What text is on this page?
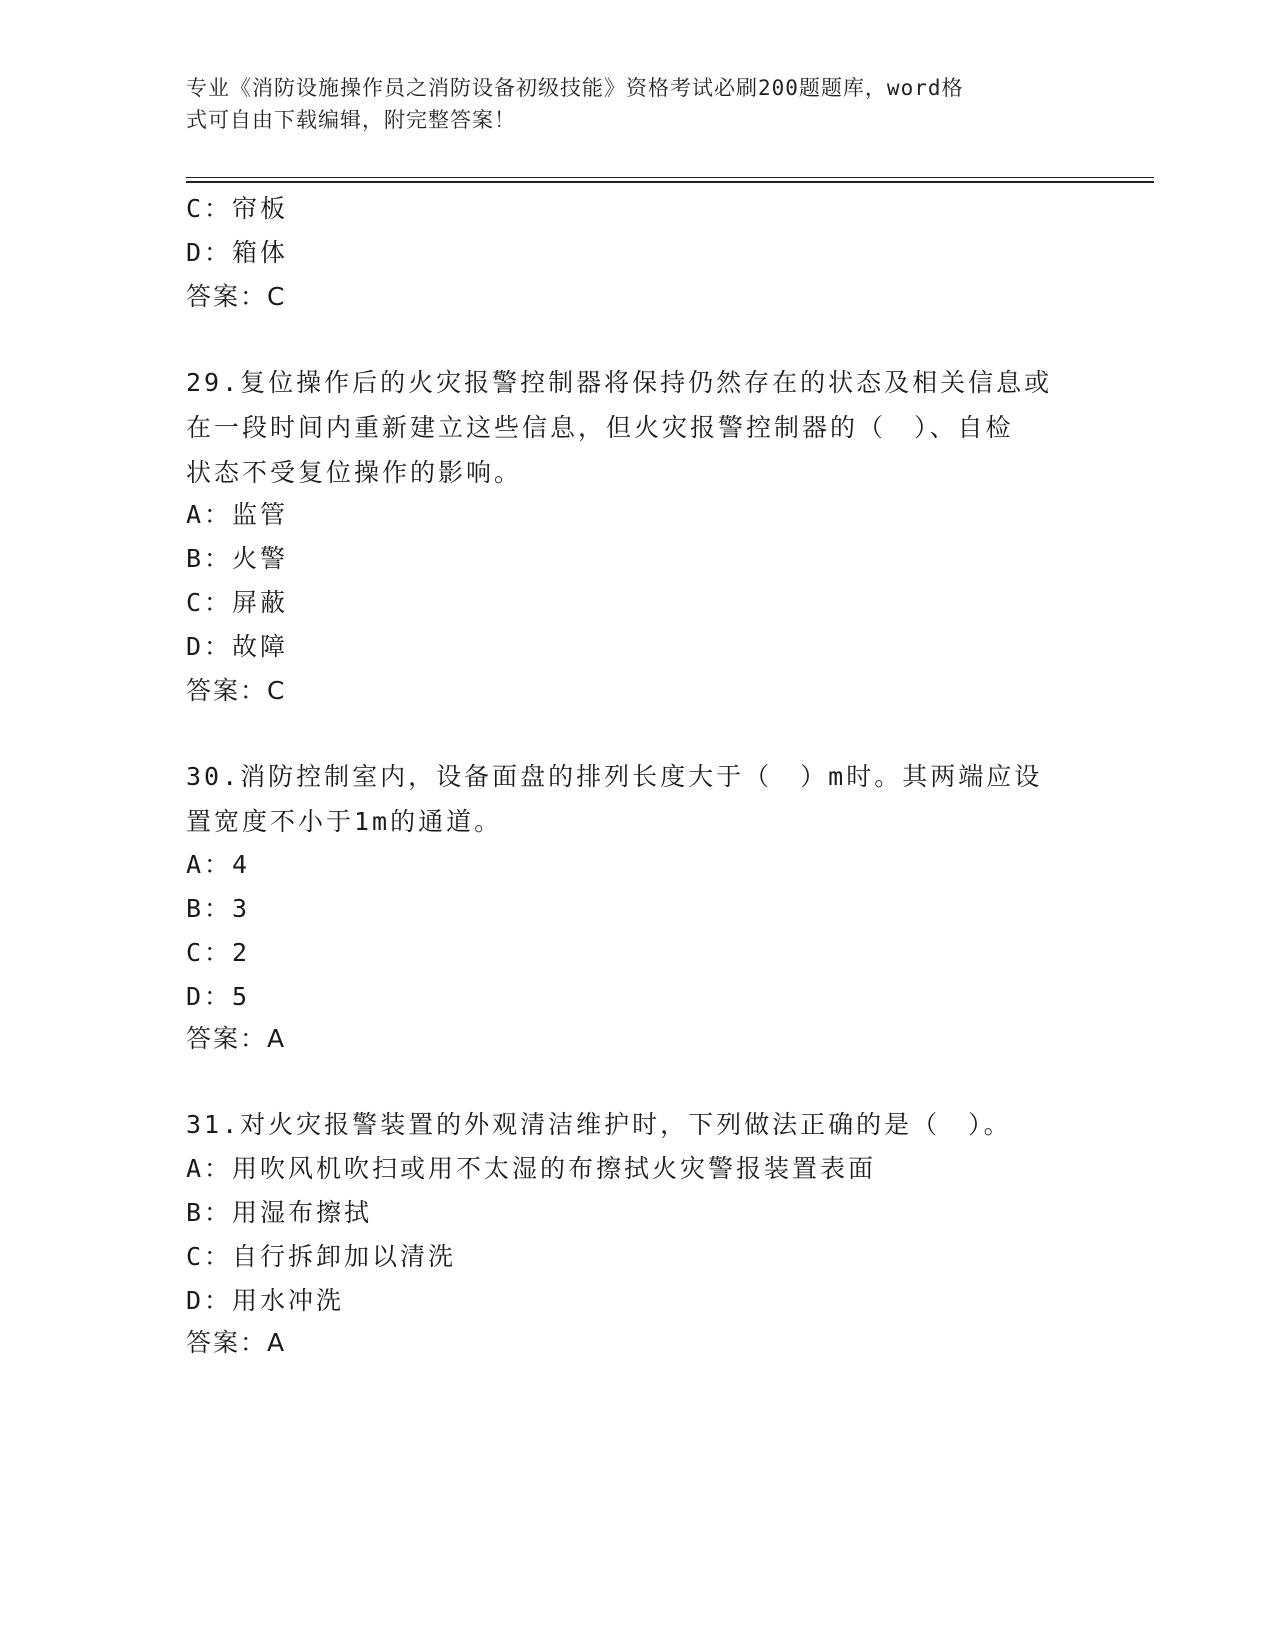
专业《消防设施操作员之消防设备初级技能》资格考试必刷200题题库，word格
式可自由下载编辑，附完整答案！
C：帘板
D：箱体
答案：C
29.复位操作后的火灾报警控制器将保持仍然存在的状态及相关信息或
在一段时间内重新建立这些信息，但火灾报警控制器的（　）、自检
状态不受复位操作的影响。
A：监管
B：火警
C：屏蔽
D：故障
答案：C
30.消防控制室内，设备面盘的排列长度大于（　）m时。其两端应设
置宽度不小于1m的通道。
A：4
B：3
C：2
D：5
答案：A
31.对火灾报警装置的外观清洁维护时，下列做法正确的是（　）。
A：用吹风机吹扫或用不太湿的布擦拭火灾警报装置表面
B：用湿布擦拭
C：自行拆卸加以清洗
D：用水冲洗
答案：A
